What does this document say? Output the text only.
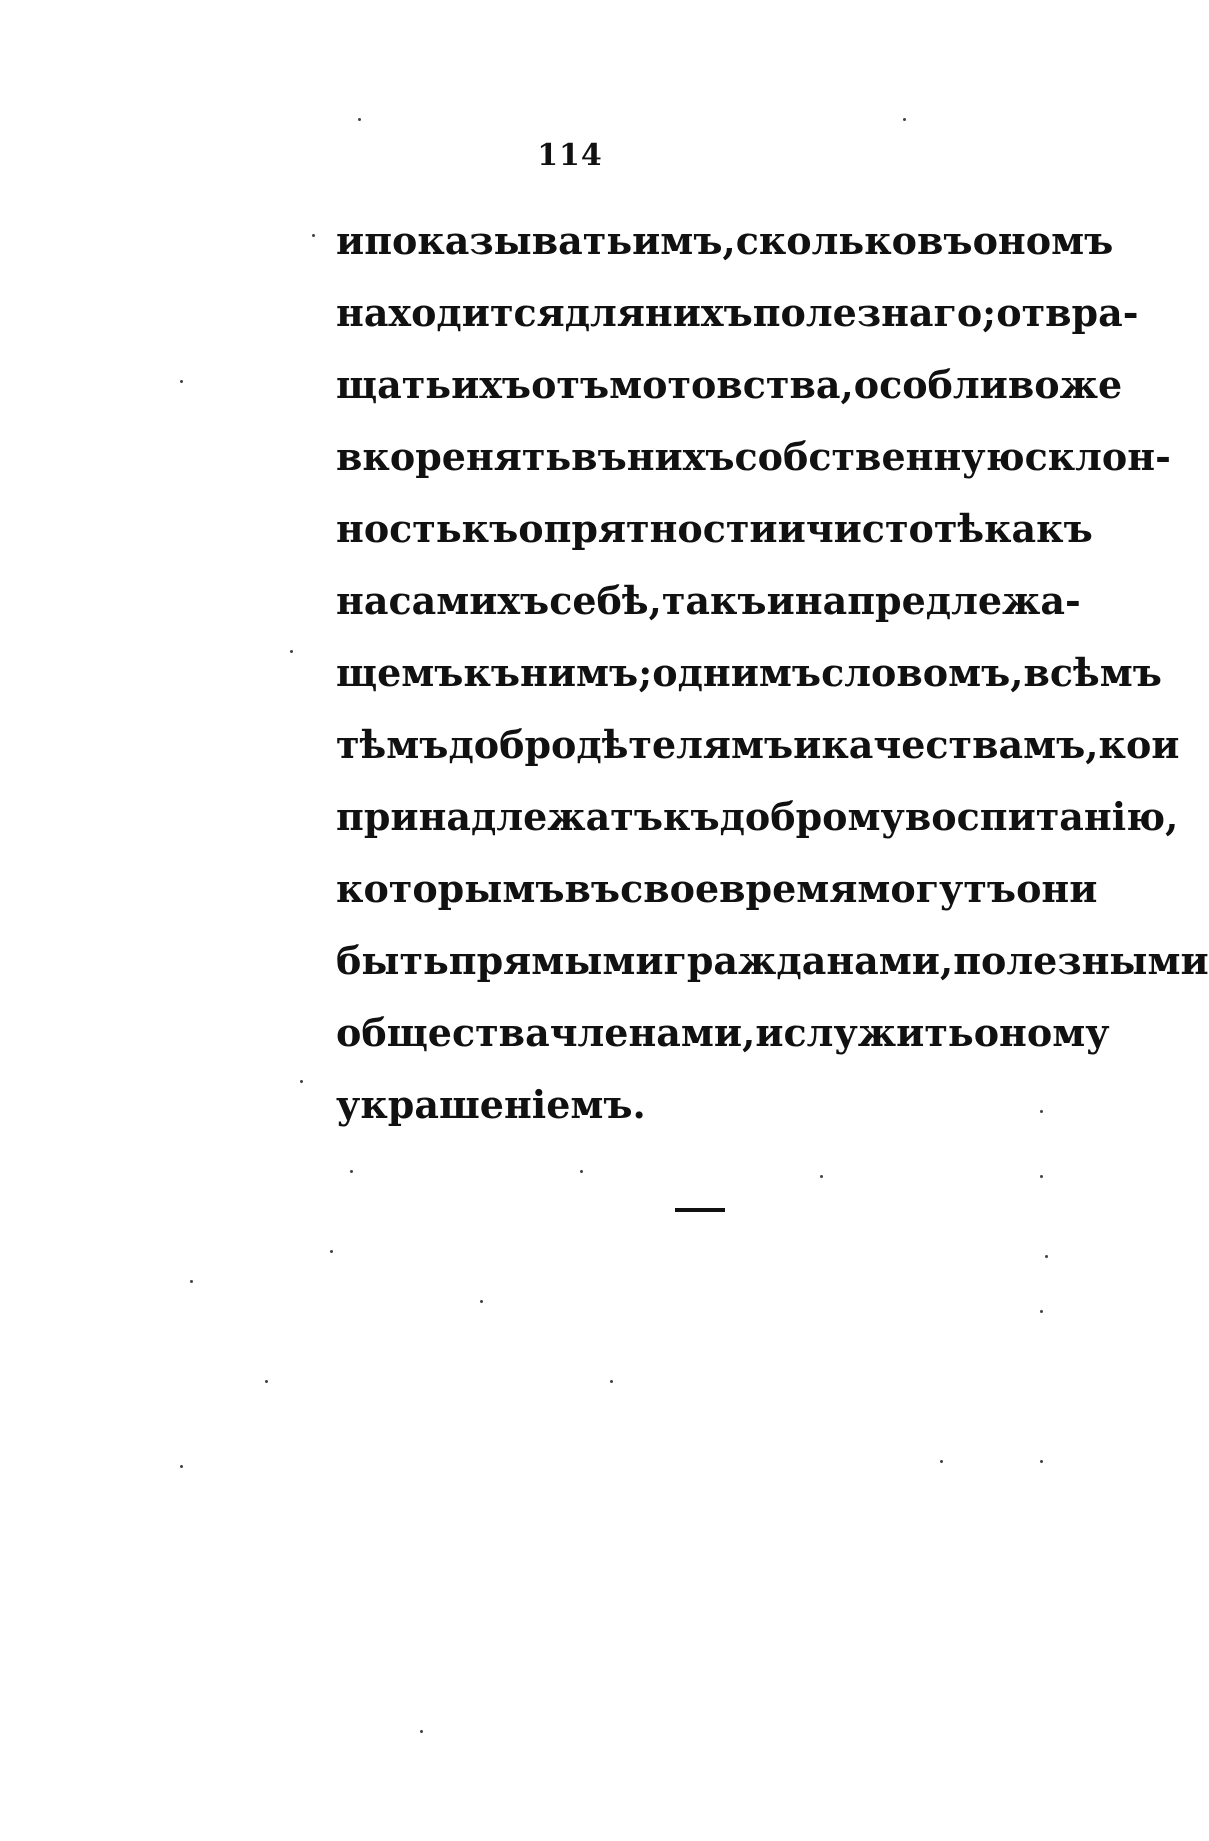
114
и показывать имъ, сколько въ ономъ
находится для нихъ полезнаго; отвра-
щать ихъ отъ мотовства, особливо же
вкоренять въ нихъ собственную склон-
ность къ опрятности и чистотѣ какъ
на самихъ себѣ, такъ и на предлежа-
щемъ къ нимъ; однимъ словомъ, всѣмъ
тѣмъ добродѣтелямъ и качествамъ, кои
принадлежатъ къ доброму воспитанію,
которымъ въ свое время могутъ они
быть прямыми гражданами, полезными
общества членами, и служить оному
украшеніемъ.
